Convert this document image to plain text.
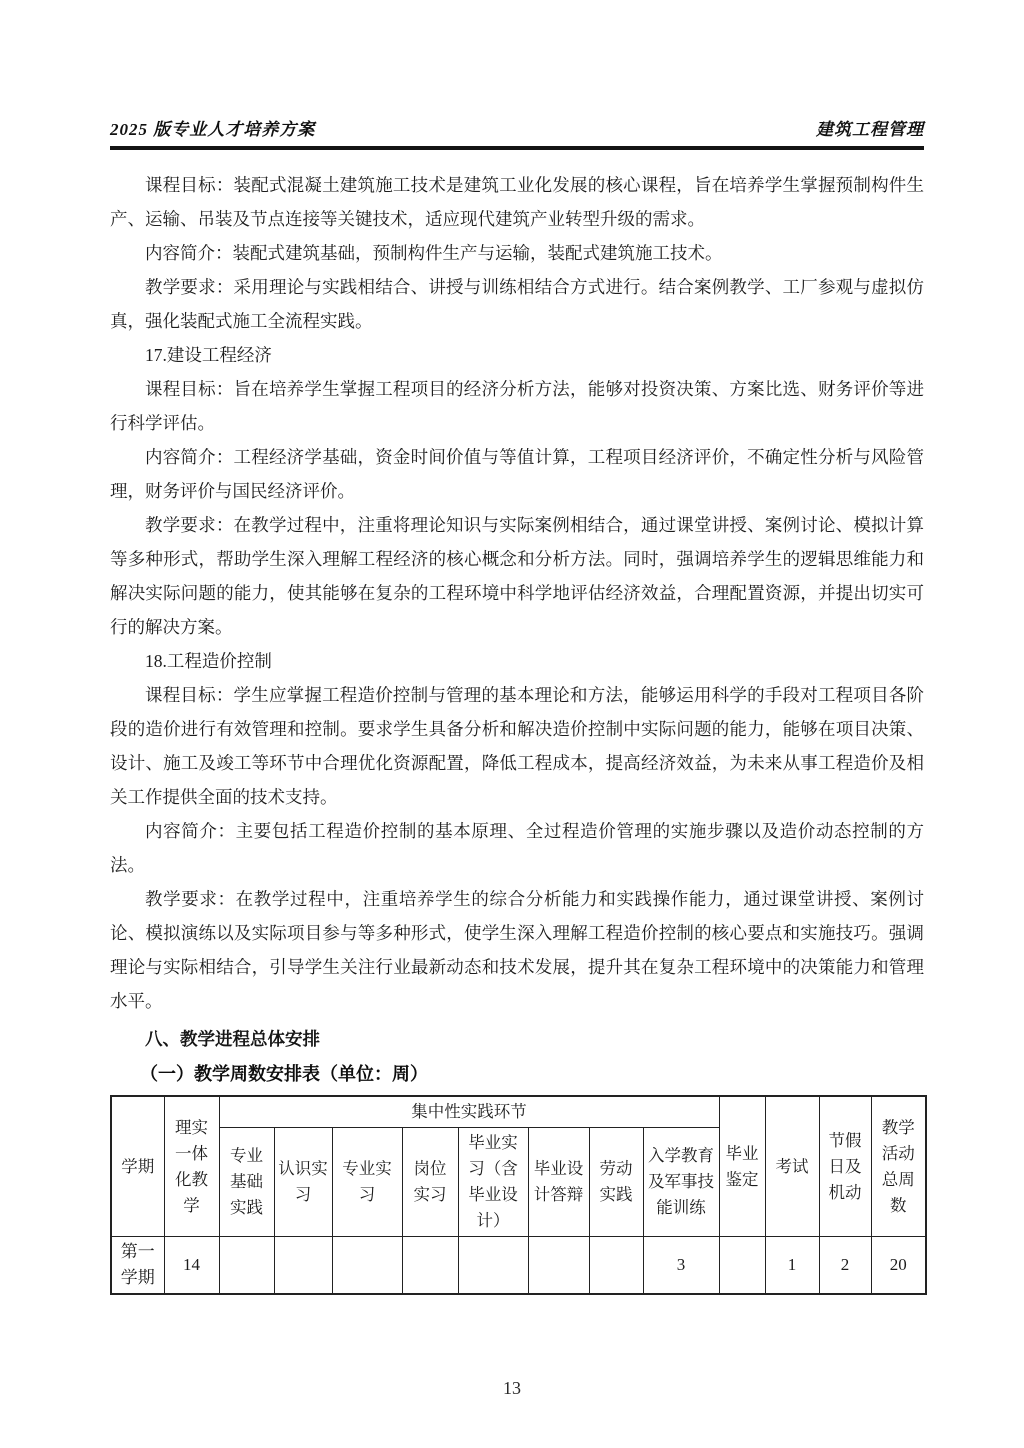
2025 版专业人才培养方案	建筑工程管理

课程目标：装配式混凝土建筑施工技术是建筑工业化发展的核心课程，旨在培养学生掌握预制构件生产、运输、吊装及节点连接等关键技术，适应现代建筑产业转型升级的需求。

内容简介：装配式建筑基础，预制构件生产与运输，装配式建筑施工技术。

教学要求：采用理论与实践相结合、讲授与训练相结合方式进行。结合案例教学、工厂参观与虚拟仿真，强化装配式施工全流程实践。

17.建设工程经济

课程目标：旨在培养学生掌握工程项目的经济分析方法，能够对投资决策、方案比选、财务评价等进行科学评估。

内容简介：工程经济学基础，资金时间价值与等值计算，工程项目经济评价，不确定性分析与风险管理，财务评价与国民经济评价。

教学要求：在教学过程中，注重将理论知识与实际案例相结合，通过课堂讲授、案例讨论、模拟计算等多种形式，帮助学生深入理解工程经济的核心概念和分析方法。同时，强调培养学生的逻辑思维能力和解决实际问题的能力，使其能够在复杂的工程环境中科学地评估经济效益，合理配置资源，并提出切实可行的解决方案。

18.工程造价控制

课程目标：学生应掌握工程造价控制与管理的基本理论和方法，能够运用科学的手段对工程项目各阶段的造价进行有效管理和控制。要求学生具备分析和解决造价控制中实际问题的能力，能够在项目决策、设计、施工及竣工等环节中合理优化资源配置，降低工程成本，提高经济效益，为未来从事工程造价及相关工作提供全面的技术支持。

内容简介：主要包括工程造价控制的基本原理、全过程造价管理的实施步骤以及造价动态控制的方法。

教学要求：在教学过程中，注重培养学生的综合分析能力和实践操作能力，通过课堂讲授、案例讨论、模拟演练以及实际项目参与等多种形式，使学生深入理解工程造价控制的核心要点和实施技巧。强调理论与实际相结合，引导学生关注行业最新动态和技术发展，提升其在复杂工程环境中的决策能力和管理水平。

八、教学进程总体安排

（一）教学周数安排表（单位：周）

学期	理实一体化教学	集中性实践环节								毕业鉴定	考试	节假日及机动	教学活动总周数
		专业基础实践	认识实习	专业实习	岗位实习	毕业实习（含毕业设计）	毕业设计答辩	劳动实践	入学教育及军事技能训练				
第一学期	14								3		1	2	20
13
